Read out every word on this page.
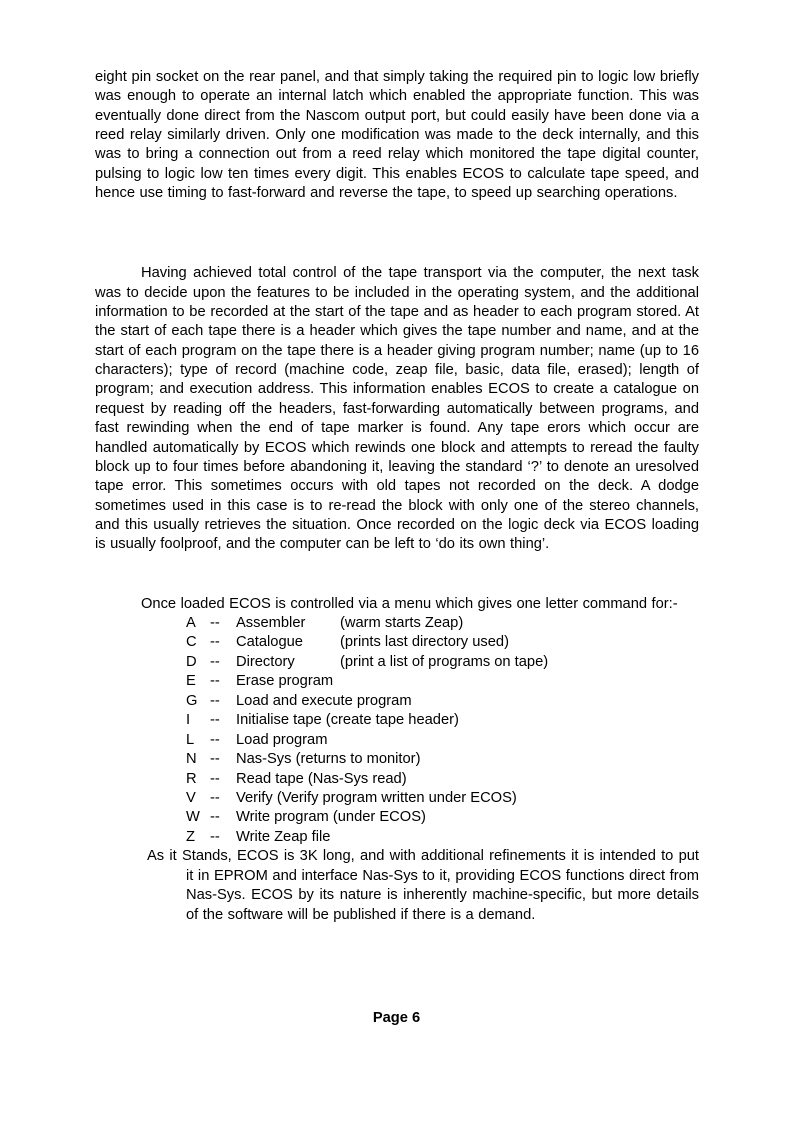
eight pin socket on the rear panel, and that simply taking the required pin to logic low briefly was enough to operate an internal latch which enabled the appropriate function. This was eventually done direct from the Nascom output port, but could easily have been done via a reed relay similarly driven. Only one modification was made to the deck internally, and this was to bring a connection out from a reed relay which monitored the tape digital counter, pulsing to logic low ten times every digit. This enables ECOS to calculate tape speed, and hence use timing to fast-forward and reverse the tape, to speed up searching operations.

Having achieved total control of the tape transport via the computer, the next task was to decide upon the features to be included in the operating system, and the additional information to be recorded at the start of the tape and as header to each program stored. At the start of each tape there is a header which gives the tape number and name, and at the start of each program on the tape there is a header giving program number; name (up to 16 characters); type of record (machine code, zeap file, basic, data file, erased); length of program; and execution address. This information enables ECOS to create a catalogue on request by reading off the headers, fast-forwarding automatically between programs, and fast rewinding when the end of tape marker is found. Any tape erors which occur are handled automatically by ECOS which rewinds one block and attempts to reread the faulty block up to four times before abandoning it, leaving the standard ‘?’ to denote an uresolved tape error. This sometimes occurs with old tapes not recorded on the deck. A dodge sometimes used in this case is to re-read the block with only one of the stereo channels, and this usually retrieves the situation. Once recorded on the logic deck via ECOS loading is usually foolproof, and the computer can be left to ‘do its own thing’.

Once loaded ECOS is controlled via a menu which gives one letter command for:-

A -- Assembler (warm starts Zeap)
C -- Catalogue	(prints last directory used)
D -- Directory	(print a list of programs on tape)
E -- Erase program
G -- Load and execute program
I -- Initialise tape (create tape header)
L -- Load program
N -- Nas-Sys (returns to monitor)
R -- Read tape (Nas-Sys read)
V -- Verify (Verify program written under ECOS)
W -- Write program (under ECOS)
Z -- Write Zeap file

As it Stands, ECOS is 3K long, and with additional refinements it is intended to put it in EPROM and interface Nas-Sys to it, providing ECOS functions direct from Nas-Sys. ECOS by its nature is inherently machine-specific, but more details of the software will be published if there is a demand.

Page 6
